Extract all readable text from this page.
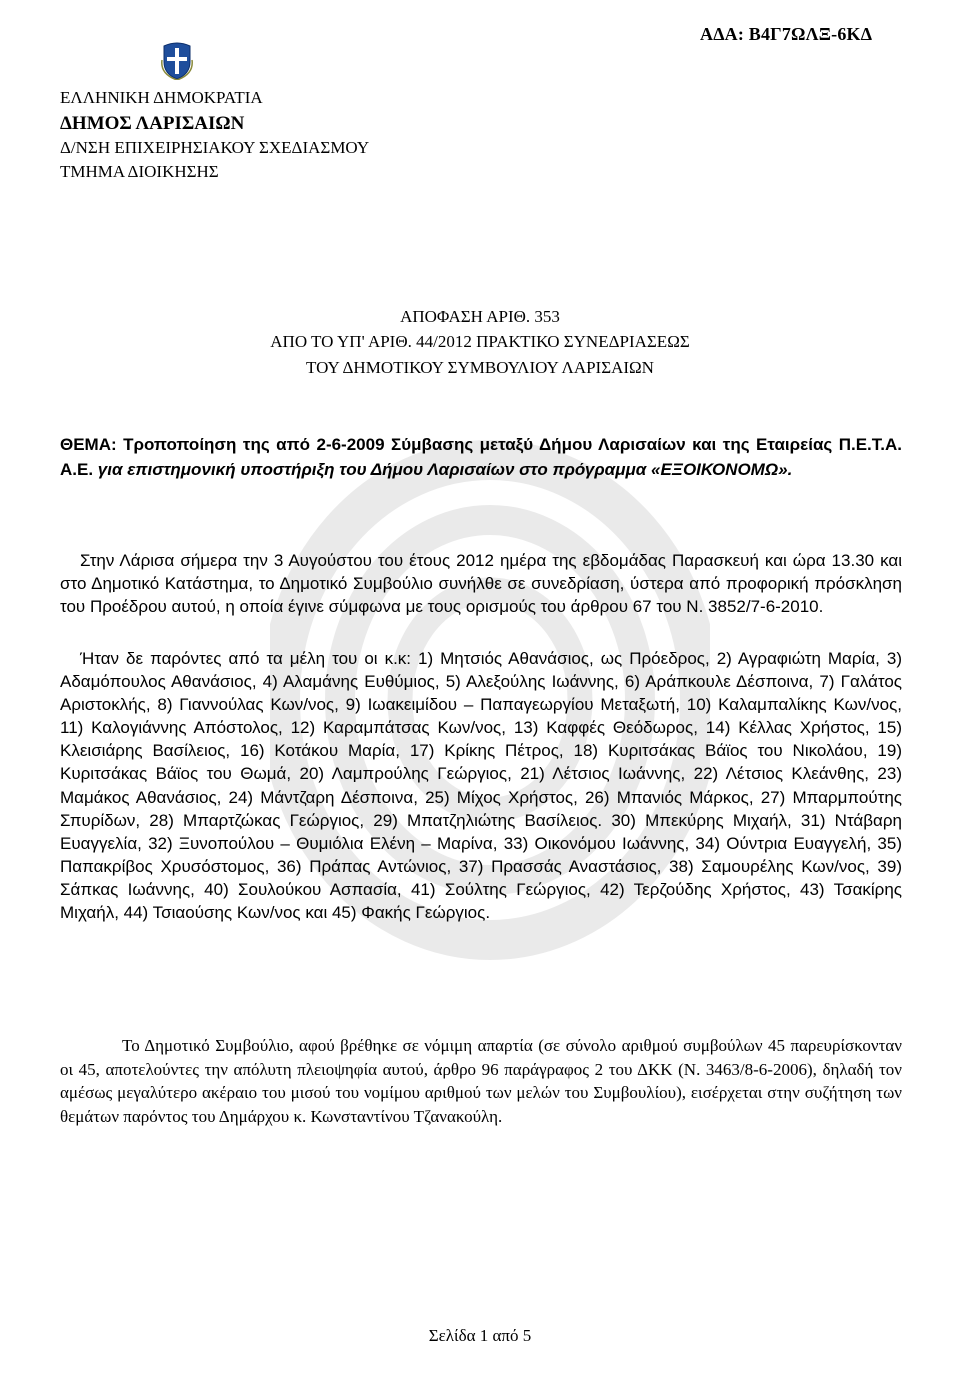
ΑΔΑ: Β4Γ7ΩΛΞ-6ΚΔ
ΕΛΛΗΝΙΚΗ ΔΗΜΟΚΡΑΤΙΑ
ΔΗΜΟΣ ΛΑΡΙΣΑΙΩΝ
Δ/ΝΣΗ ΕΠΙΧΕΙΡΗΣΙΑΚΟΥ ΣΧΕΔΙΑΣΜΟΥ
ΤΜΗΜΑ ΔΙΟΙΚΗΣΗΣ
ΑΠΟΦΑΣΗ ΑΡΙΘ. 353
ΑΠΟ ΤΟ ΥΠ' ΑΡΙΘ. 44/2012 ΠΡΑΚΤΙΚΟ ΣΥΝΕΔΡΙΑΣΕΩΣ
ΤΟΥ ΔΗΜΟΤΙΚΟΥ ΣΥΜΒΟΥΛΙΟΥ ΛΑΡΙΣΑΙΩΝ
ΘΕΜΑ: Τροποποίηση της από 2-6-2009 Σύμβασης μεταξύ Δήμου Λαρισαίων και της Εταιρείας Π.Ε.Τ.Α. Α.Ε. για επιστημονική υποστήριξη του Δήμου Λαρισαίων στο πρόγραμμα «ΕΞΟΙΚΟΝΟΜΩ».
Στην Λάρισα σήμερα την 3 Αυγούστου του έτους 2012 ημέρα της εβδομάδας Παρασκευή και ώρα 13.30 και στο Δημοτικό Κατάστημα, το Δημοτικό Συμβούλιο συνήλθε σε συνεδρίαση, ύστερα από προφορική πρόσκληση του Προέδρου αυτού, η οποία έγινε σύμφωνα με τους ορισμούς του άρθρου 67 του Ν. 3852/7-6-2010.
Ήταν δε παρόντες από τα μέλη του οι κ.κ: 1) Μητσιός Αθανάσιος, ως Πρόεδρος, 2) Αγραφιώτη Μαρία, 3) Αδαμόπουλος Αθανάσιος, 4) Αλαμάνης Ευθύμιος, 5) Αλεξούλης Ιωάννης, 6) Αράπκουλε Δέσποινα, 7) Γαλάτος Αριστοκλής, 8) Γιαννούλας Κων/νος, 9) Ιωακειμίδου – Παπαγεωργίου Μεταξωτή, 10) Καλαμπαλίκης Κων/νος, 11) Καλογιάννης Απόστολος, 12) Καραμπάτσας Κων/νος, 13) Καφφές Θεόδωρος, 14) Κέλλας Χρήστος, 15) Κλεισιάρης Βασίλειος, 16) Κοτάκου Μαρία, 17) Κρίκης Πέτρος, 18) Κυριτσάκας Βάϊος του Νικολάου, 19) Κυριτσάκας Βάϊος του Θωμά, 20) Λαμπρούλης Γεώργιος, 21) Λέτσιος Ιωάννης, 22) Λέτσιος Κλεάνθης, 23) Μαμάκος Αθανάσιος, 24) Μάντζαρη Δέσποινα, 25) Μίχος Χρήστος, 26) Μπανιός Μάρκος, 27) Μπαρμπούτης Σπυρίδων, 28) Μπαρτζώκας Γεώργιος, 29) Μπατζηλιώτης Βασίλειος. 30) Μπεκύρης Μιχαήλ, 31) Ντάβαρη Ευαγγελία, 32) Ξυνοπούλου – Θυμιόλια Ελένη – Μαρίνα, 33) Οικονόμου Ιωάννης, 34) Ούντρια Ευαγγελή, 35) Παπακρίβος Χρυσόστομος, 36) Πράπας Αντώνιος, 37) Πρασσάς Αναστάσιος, 38) Σαμουρέλης Κων/νος, 39) Σάπκας Ιωάννης, 40) Σουλούκου Ασπασία, 41) Σούλτης Γεώργιος, 42) Τερζούδης Χρήστος, 43) Τσακίρης Μιχαήλ, 44) Τσιαούσης Κων/νος και 45) Φακής Γεώργιος.
Το Δημοτικό Συμβούλιο, αφού βρέθηκε σε νόμιμη απαρτία (σε σύνολο αριθμού συμβούλων 45 παρευρίσκονταν οι 45, αποτελούντες την απόλυτη πλειοψηφία αυτού, άρθρο 96 παράγραφος 2 του ΔΚΚ (Ν. 3463/8-6-2006), δηλαδή τον αμέσως μεγαλύτερο ακέραιο του μισού του νομίμου αριθμού των μελών του Συμβουλίου), εισέρχεται στην συζήτηση των θεμάτων παρόντος του Δημάρχου κ. Κωνσταντίνου Τζανακούλη.
Σελίδα 1 από 5
